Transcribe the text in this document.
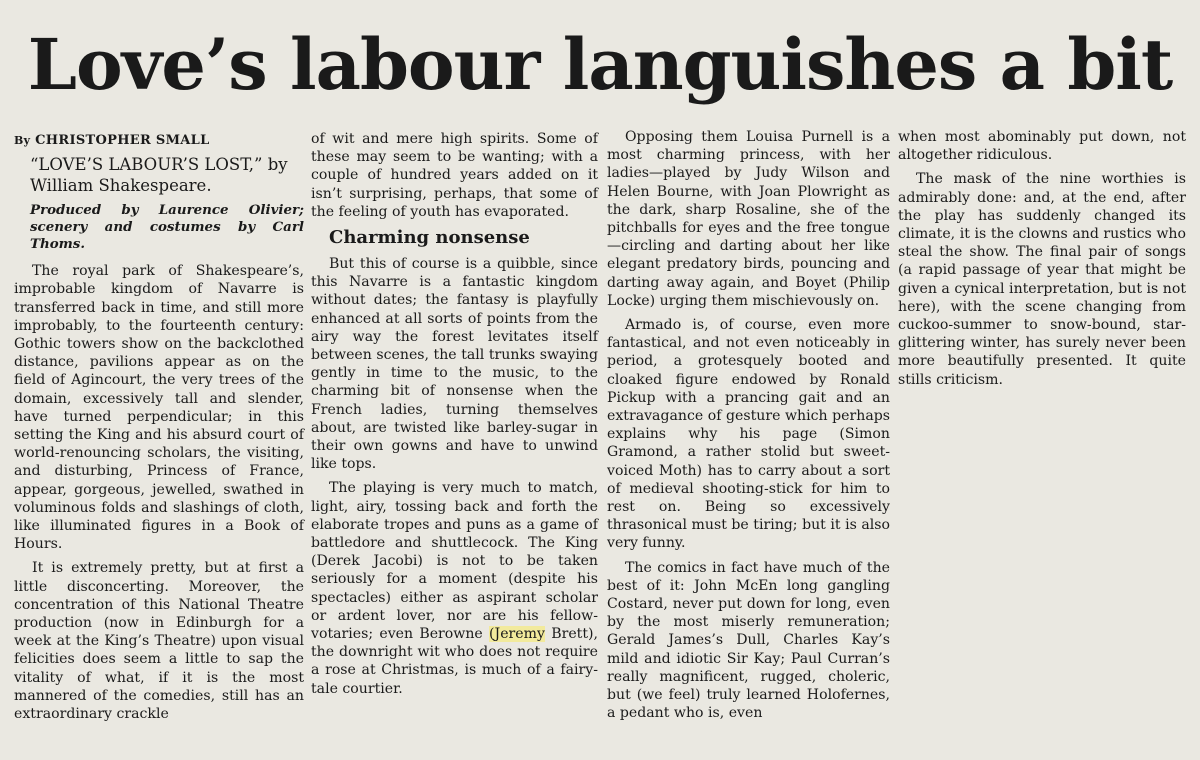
Love’s labour languishes a bit
By CHRISTOPHER SMALL
“LOVE’S LABOUR’S LOST,” by William Shakespeare.
Produced by Laurence Olivier; scenery and costumes by Carl Thoms.

The royal park of Shakespeare’s, improbable kingdom of Navarre is transferred back in time, and still more improbably, to the fourteenth century: Gothic towers show on the backclothed distance, pavilions appear as on the field of Agincourt, the very trees of the domain, excessively tall and slender, have turned perpendicular; in this setting the King and his absurd court of world-renouncing scholars, the visiting, and disturbing, Princess of France, appear, gorgeous, jewelled, swathed in voluminous folds and slashings of cloth, like illuminated figures in a Book of Hours.

It is extremely pretty, but at first a little disconcerting. Moreover, the concentration of this National Theatre production (now in Edinburgh for a week at the King’s Theatre) upon visual felicities does seem a little to sap the vitality of what, if it is the most mannered of the comedies, still has an extraordinary crackle

of wit and mere high spirits. Some of these may seem to be wanting; with a couple of hundred years added on it isn’t surprising, perhaps, that some of the feeling of youth has evaporated.

Charming nonsense

But this of course is a quibble, since this Navarre is a fantastic kingdom without dates; the fantasy is playfully enhanced at all sorts of points from the airy way the forest levitates itself between scenes, the tall trunks swaying gently in time to the music, to the charming bit of nonsense when the French ladies, turning themselves about, are twisted like barley-sugar in their own gowns and have to unwind like tops.

The playing is very much to match, light, airy, tossing back and forth the elaborate tropes and puns as a game of battledore and shuttlecock. The King (Derek Jacobi) is not to be taken seriously for a moment (despite his spectacles) either as aspirant scholar or ardent lover, nor are his fellow-votaries; even Berowne (Jeremy Brett), the downright wit who does not require a rose at Christmas, is much of a fairy-tale courtier.

Opposing them Louisa Purnell is a most charming princess, with her ladies—played by Judy Wilson and Helen Bourne, with Joan Plowright as the dark, sharp Rosaline, she of the pitchballs for eyes and the free tongue—circling and darting about her like elegant predatory birds, pouncing and darting away again, and Boyet (Philip Locke) urging them mischievously on.

Armado is, of course, even more fantastical, and not even noticeably in period, a grotesquely booted and cloaked figure endowed by Ronald Pickup with a prancing gait and an extravagance of gesture which perhaps explains why his page (Simon Gramond, a rather stolid but sweet-voiced Moth) has to carry about a sort of medieval shooting-stick for him to rest on. Being so excessively thrasonical must be tiring; but it is also very funny.

The comics in fact have much of the best of it: John McEn long gangling Costard, never put down for long, even by the most miserly remuneration; Gerald James’s Dull, Charles Kay’s mild and idiotic Sir Kay; Paul Curran’s really magnificent, rugged, choleric, but (we feel) truly learned Holofernes, a pedant who is, even

when most abominably put down, not altogether ridiculous.

The mask of the nine worthies is admirably done: and, at the end, after the play has suddenly changed its climate, it is the clowns and rustics who steal the show. The final pair of songs (a rapid passage of year that might be given a cynical interpretation, but is not here), with the scene changing from cuckoo-summer to snow-bound, star-glittering winter, has surely never been more beautifully presented. It quite stills criticism.
